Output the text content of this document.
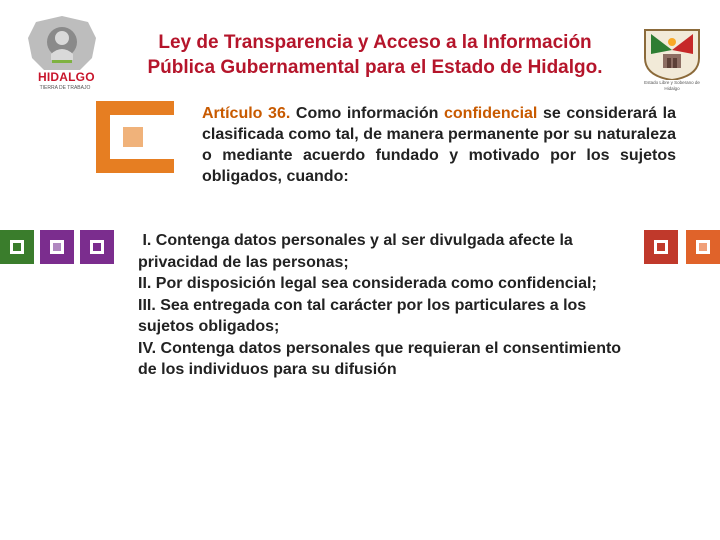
HIDALGO
TIERRA DE TRABAJO
Ley de Transparencia y Acceso a la Información
Pública Gubernamental para el Estado de Hidalgo.
Estado Libre y Soberano de Hidalgo
Artículo 36. Como información confidencial se considerará la clasificada como tal, de manera permanente por su naturaleza o mediante acuerdo fundado y motivado por los sujetos obligados, cuando:

I. Contenga datos personales y al ser divulgada afecte la privacidad de las personas;

II. Por disposición legal sea considerada como confidencial;

III. Sea entregada con tal carácter por los particulares a los sujetos obligados;

IV. Contenga datos personales que requieran el consentimiento de los individuos para su difusión
